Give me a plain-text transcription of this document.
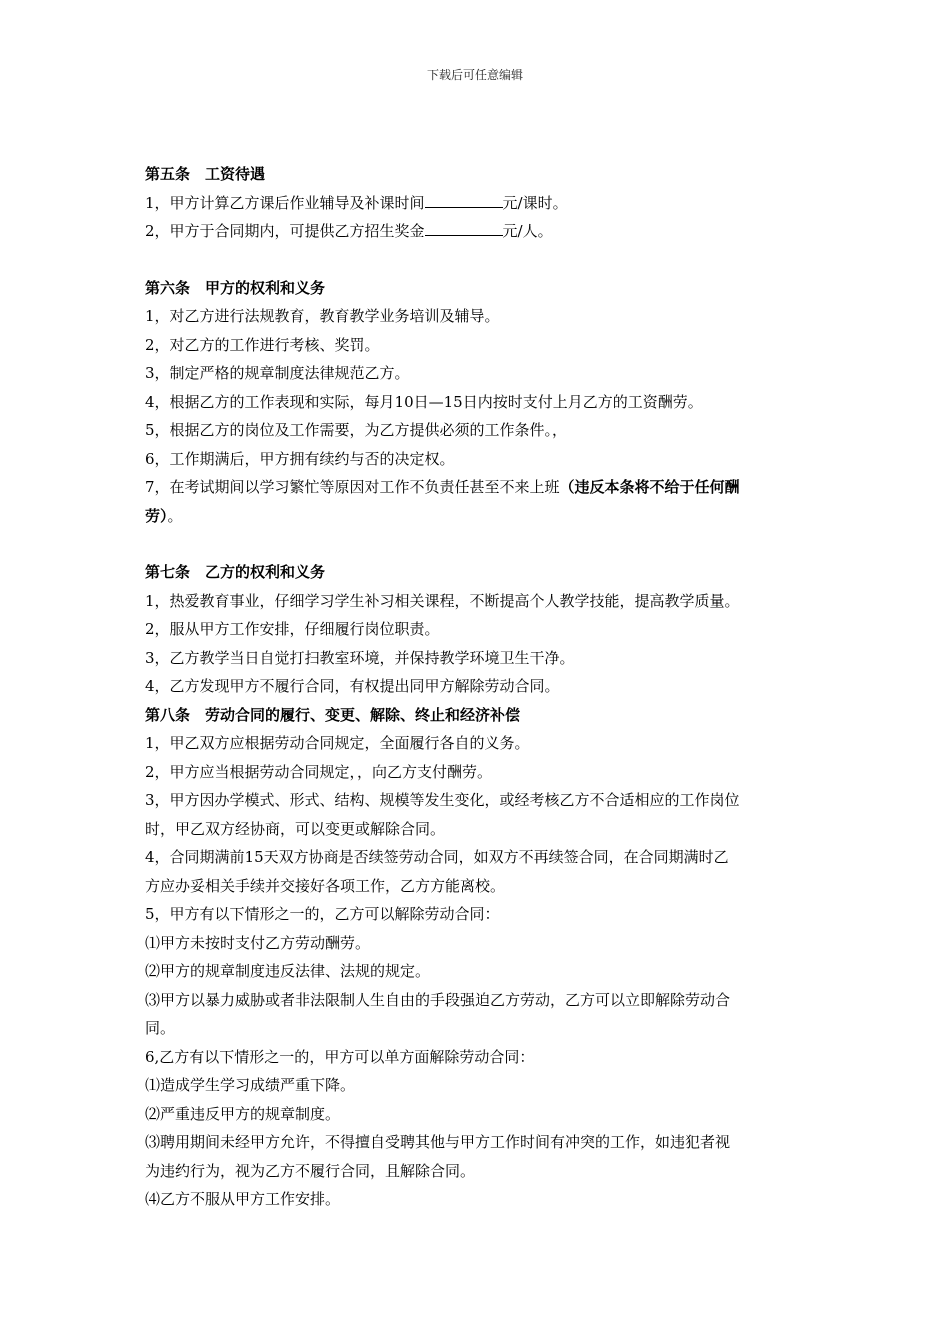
下载后可任意编辑
第五条　工资待遇
1，甲方计算乙方课后作业辅导及补课时间	元/课时。
2，甲方于合同期内，可提供乙方招生奖金	元/人。
第六条　甲方的权利和义务
1，对乙方进行法规教育，教育教学业务培训及辅导。
2，对乙方的工作进行考核、奖罚。
3，制定严格的规章制度法律规范乙方。
4，根据乙方的工作表现和实际，每月10日—15日内按时支付上月乙方的工资酬劳。
5，根据乙方的岗位及工作需要，为乙方提供必须的工作条件。，
6，工作期满后，甲方拥有续约与否的决定权。
7，在考试期间以学习繁忙等原因对工作不负责任甚至不来上班（违反本条将不给于任何酬
劳）。
第七条　乙方的权利和义务
1，热爱教育事业，仔细学习学生补习相关课程，不断提高个人教学技能，提高教学质量。
2，服从甲方工作安排，仔细履行岗位职责。
3，乙方教学当日自觉打扫教室环境，并保持教学环境卫生干净。
4，乙方发现甲方不履行合同，有权提出同甲方解除劳动合同。
第八条　劳动合同的履行、变更、解除、终止和经济补偿
1，甲乙双方应根据劳动合同规定，全面履行各自的义务。
2，甲方应当根据劳动合同规定，，向乙方支付酬劳。
3，甲方因办学模式、形式、结构、规模等发生变化，或经考核乙方不合适相应的工作岗位
时，甲乙双方经协商，可以变更或解除合同。
4，合同期满前15天双方协商是否续签劳动合同，如双方不再续签合同，在合同期满时乙
方应办妥相关手续并交接好各项工作，乙方方能离校。
5，甲方有以下情形之一的，乙方可以解除劳动合同：
⑴甲方未按时支付乙方劳动酬劳。
⑵甲方的规章制度违反法律、法规的规定。
⑶甲方以暴力威胁或者非法限制人生自由的手段强迫乙方劳动，乙方可以立即解除劳动合
同。
6,乙方有以下情形之一的，甲方可以单方面解除劳动合同：
⑴造成学生学习成绩严重下降。
⑵严重违反甲方的规章制度。
⑶聘用期间未经甲方允许，不得擅自受聘其他与甲方工作时间有冲突的工作，如违犯者视
为违约行为，视为乙方不履行合同，且解除合同。
⑷乙方不服从甲方工作安排。
